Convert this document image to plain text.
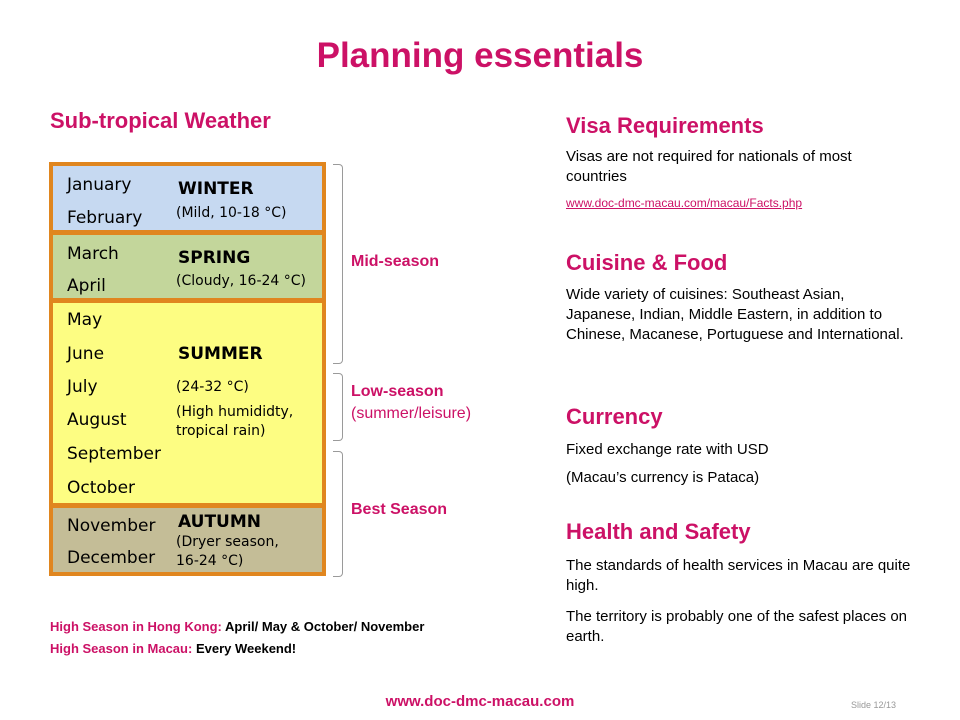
Planning essentials
Sub-tropical Weather
January
February
WINTER
(Mild, 10-18 °C)
March
April
SPRING
(Cloudy, 16-24 °C)
May
June
July
August
September
October
SUMMER
(24-32 °C)
(High humididty,
tropical rain)
November
December
AUTUMN
(Dryer season,
16-24 °C)
Mid-season
Low-season
(summer/leisure)
Best Season
High Season in Hong Kong: April/ May & October/ November
High Season in Macau: Every Weekend!
Visa Requirements
Visas are not required for nationals of most countries
www.doc-dmc-macau.com/macau/Facts.php
Cuisine & Food
Wide variety of cuisines: Southeast Asian, Japanese, Indian, Middle Eastern, in addition to Chinese, Macanese, Portuguese and International.
Currency
Fixed exchange rate with USD
(Macau’s currency is Pataca)
Health and Safety
The standards of health services in Macau are quite high.
The territory is probably one of the safest places on earth.
www.doc-dmc-macau.com	Slide 12/13
